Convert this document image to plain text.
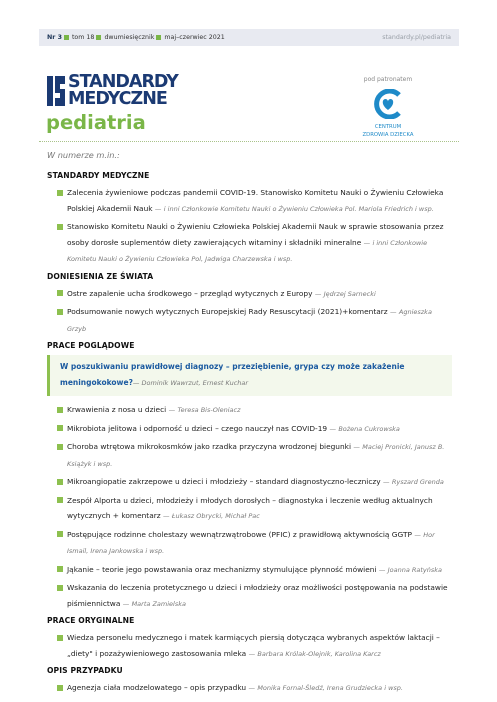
Nr 3 tom 18 dwumiesięcznik maj–czerwiec 2021	standardy.pl/pediatria
STANDARDY
MEDYCZNE
pediatria
pod patronatem
CENTRUM
ZDROWIA DZIECKA
W numerze m.in.:
STANDARDY MEDYCZNE
Zalecenia żywieniowe podczas pandemii COVID-19. Stanowisko Komitetu Nauki o Żywieniu Człowieka Polskiej Akademii Nauk — i inni Członkowie Komitetu Nauki o Żywieniu Człowieka Pol. Mariola Friedrich i wsp.
Stanowisko Komitetu Nauki o Żywieniu Człowieka Polskiej Akademii Nauk w sprawie stosowania przez osoby dorosłe suplementów diety zawierających witaminy i składniki mineralne — i inni Członkowie Komitetu Nauki o Żywieniu Człowieka Pol, Jadwiga Charzewska i wsp.
DONIESIENIA ZE ŚWIATA
Ostre zapalenie ucha środkowego – przegląd wytycznych z Europy — Jędrzej Sarnecki
Podsumowanie nowych wytycznych Europejskiej Rady Resuscytacji (2021)+komentarz — Agnieszka Grzyb
PRACE POGLĄDOWE
W poszukiwaniu prawidłowej diagnozy – przeziębienie, grypa czy może zakażenie meningokokowe?— Dominik Wawrzut, Ernest Kuchar
Krwawienia z nosa u dzieci — Teresa Bis-Oleniacz
Mikrobiota jelitowa i odporność u dzieci – czego nauczył nas COVID-19 — Bożena Cukrowska
Choroba wtrętowa mikrokosmków jako rzadka przyczyna wrodzonej biegunki — Maciej Pronicki, Janusz B. Książyk i wsp.
Mikroangiopatie zakrzepowe u dzieci i młodzieży – standard diagnostyczno-leczniczy — Ryszard Grenda
Zespół Alporta u dzieci, młodzieży i młodych dorosłych – diagnostyka i leczenie według aktualnych wytycznych + komentarz — Łukasz Obrycki, Michał Pac
Postępujące rodzinne cholestazy wewnątrzwątrobowe (PFIC) z prawidłową aktywnością GGTP — Hor Ismail, Irena Jankowska i wsp.
Jąkanie – teorie jego powstawania oraz mechanizmy stymulujące płynność mówieni — Joanna Ratyńska
Wskazania do leczenia protetycznego u dzieci i młodzieży oraz możliwości postępowania na podstawie piśmiennictwa — Marta Zamielska
PRACE ORYGINALNE
Wiedza personelu medycznego i matek karmiących piersią dotycząca wybranych aspektów laktacji – „diety" i pozażywieniowego zastosowania mleka — Barbara Królak-Olejnik, Karolina Karcz
OPIS PRZYPADKU
Agenezja ciała modzelowatego – opis przypadku — Monika Fornal-Śledź, Irena Grudziecka i wsp.
